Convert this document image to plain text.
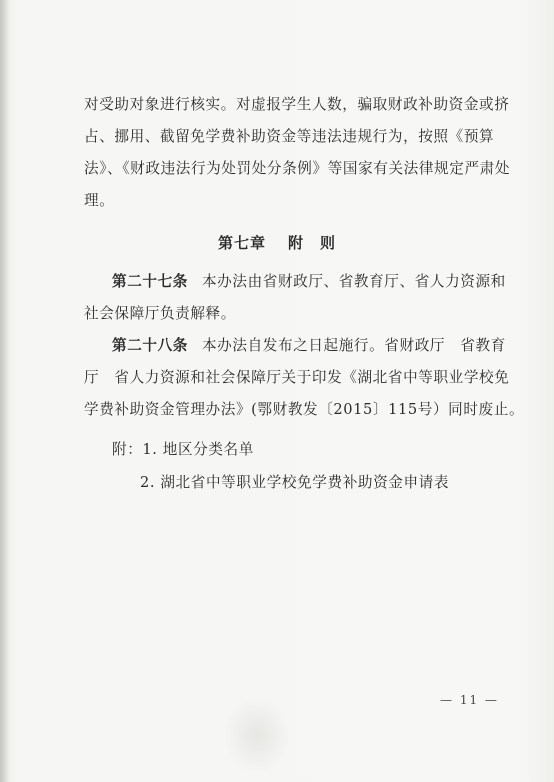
对受助对象进行核实。对虚报学生人数，骗取财政补助资金或挤
占、挪用、截留免学费补助资金等违法违规行为，按照《预算
法》、《财政违法行为处罚处分条例》等国家有关法律规定严肃处
理。
第七章 附　则
第二十七条 本办法由省财政厅、省教育厅、省人力资源和
社会保障厅负责解释。
第二十八条 本办法自发布之日起施行。省财政厅　省教育
厅　省人力资源和社会保障厅关于印发《湖北省中等职业学校免
学费补助资金管理办法》(鄂财教发〔2015〕115号）同时废止。
附：1. 地区分类名单
2. 湖北省中等职业学校免学费补助资金申请表
— 11 —
